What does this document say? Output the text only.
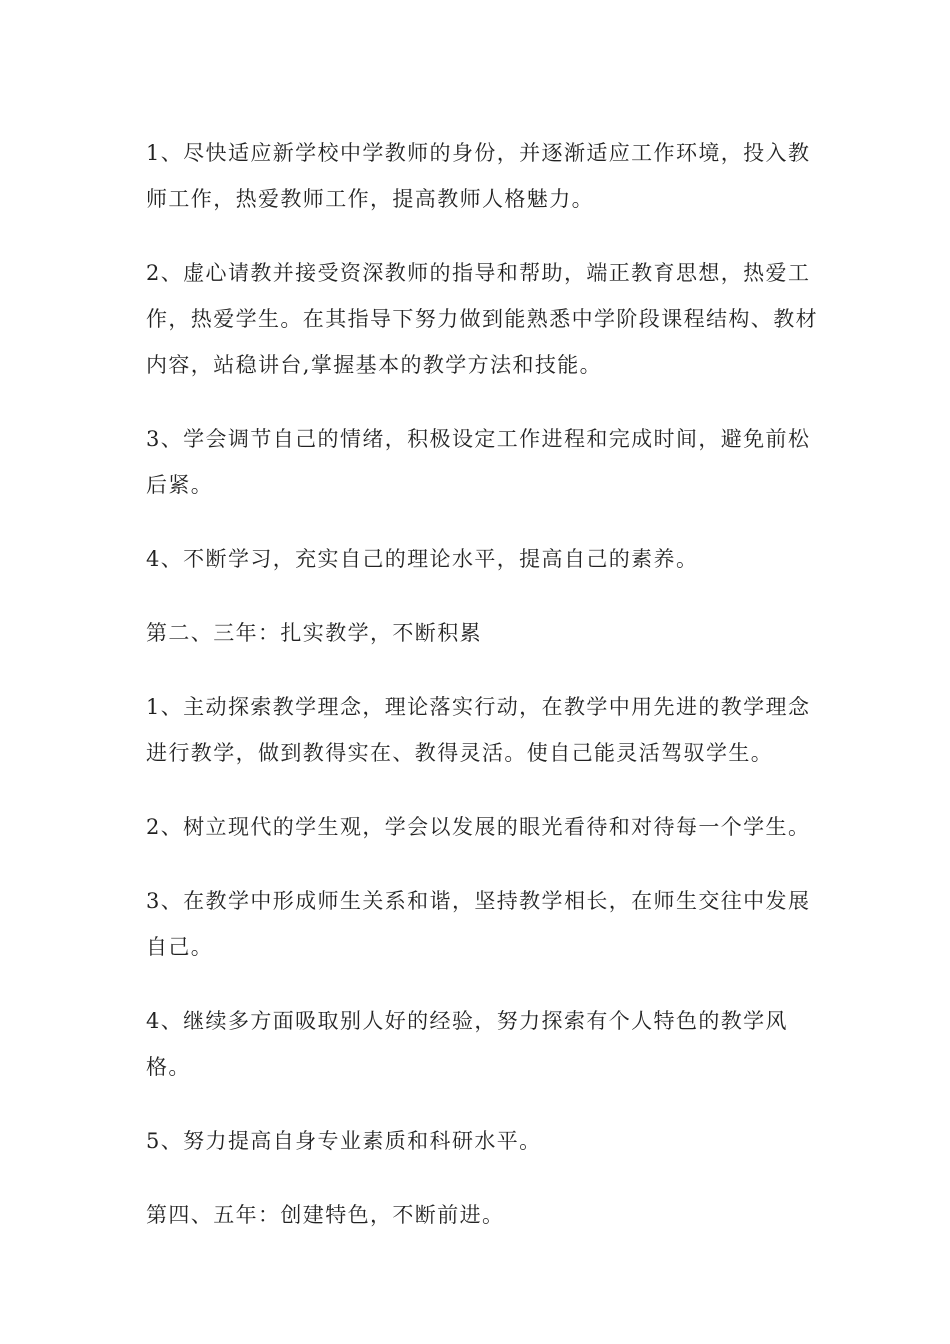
1、尽快适应新学校中学教师的身份，并逐渐适应工作环境，投入教师工作，热爱教师工作，提高教师人格魅力。

2、虚心请教并接受资深教师的指导和帮助，端正教育思想，热爱工作，热爱学生。在其指导下努力做到能熟悉中学阶段课程结构、教材内容，站稳讲台,掌握基本的教学方法和技能。

3、学会调节自己的情绪，积极设定工作进程和完成时间，避免前松后紧。

4、不断学习，充实自己的理论水平，提高自己的素养。

第二、三年：扎实教学，不断积累

1、主动探索教学理念，理论落实行动，在教学中用先进的教学理念进行教学，做到教得实在、教得灵活。使自己能灵活驾驭学生。

2、树立现代的学生观，学会以发展的眼光看待和对待每一个学生。

3、在教学中形成师生关系和谐，坚持教学相长，在师生交往中发展自己。

4、继续多方面吸取别人好的经验，努力探索有个人特色的教学风格。

5、努力提高自身专业素质和科研水平。

第四、五年：创建特色，不断前进。
